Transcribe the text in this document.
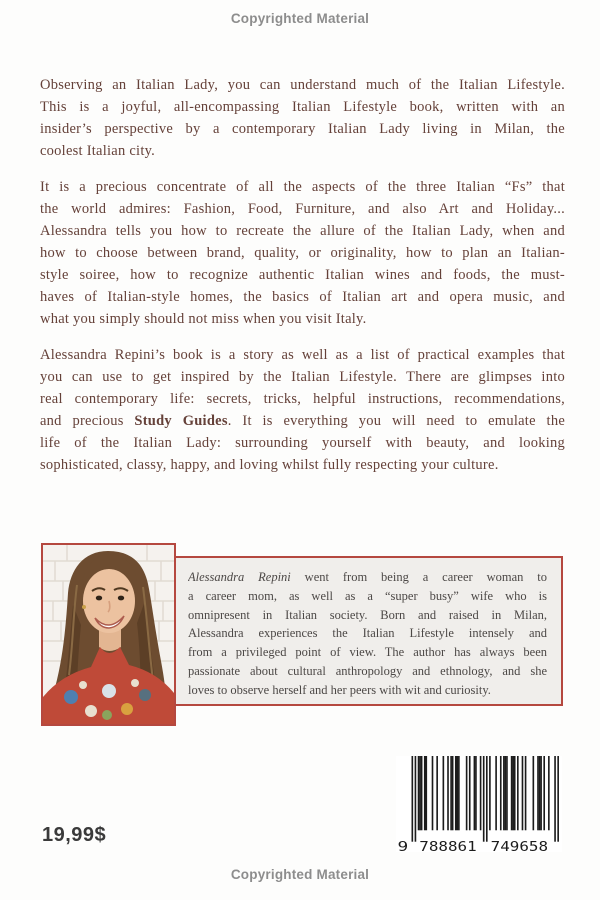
Copyrighted Material
Observing an Italian Lady, you can understand much of the Italian Lifestyle.
This is a joyful, all-encompassing Italian Lifestyle book, written with an
insider’s perspective by a contemporary Italian Lady living in Milan, the
coolest Italian city.
It is a precious concentrate of all the aspects of the three Italian “Fs” that
the world admires: Fashion, Food, Furniture, and also Art and Holiday...
Alessandra tells you how to recreate the allure of the Italian Lady, when and
how to choose between brand, quality, or originality, how to plan an Italian-
style soiree, how to recognize authentic Italian wines and foods, the must-
haves of Italian-style homes, the basics of Italian art and opera music, and
what you simply should not miss when you visit Italy.
Alessandra Repini’s book is a story as well as a list of practical examples that
you can use to get inspired by the Italian Lifestyle. There are glimpses into
real contemporary life: secrets, tricks, helpful instructions, recommendations,
and precious Study Guides. It is everything you will need to emulate the
life of the Italian Lady: surrounding yourself with beauty, and looking
sophisticated, classy, happy, and loving whilst fully respecting your culture.
Alessandra Repini went from being a career woman to
a career mom, as well as a “super busy” wife who is
omnipresent in Italian society. Born and raised in Milan,
Alessandra experiences the Italian Lifestyle intensely and
from a privileged point of view. The author has always been
passionate about cultural anthropology and ethnology, and she
loves to observe herself and her peers with wit and curiosity.
19,99$
9 788861 749658
Copyrighted Material
